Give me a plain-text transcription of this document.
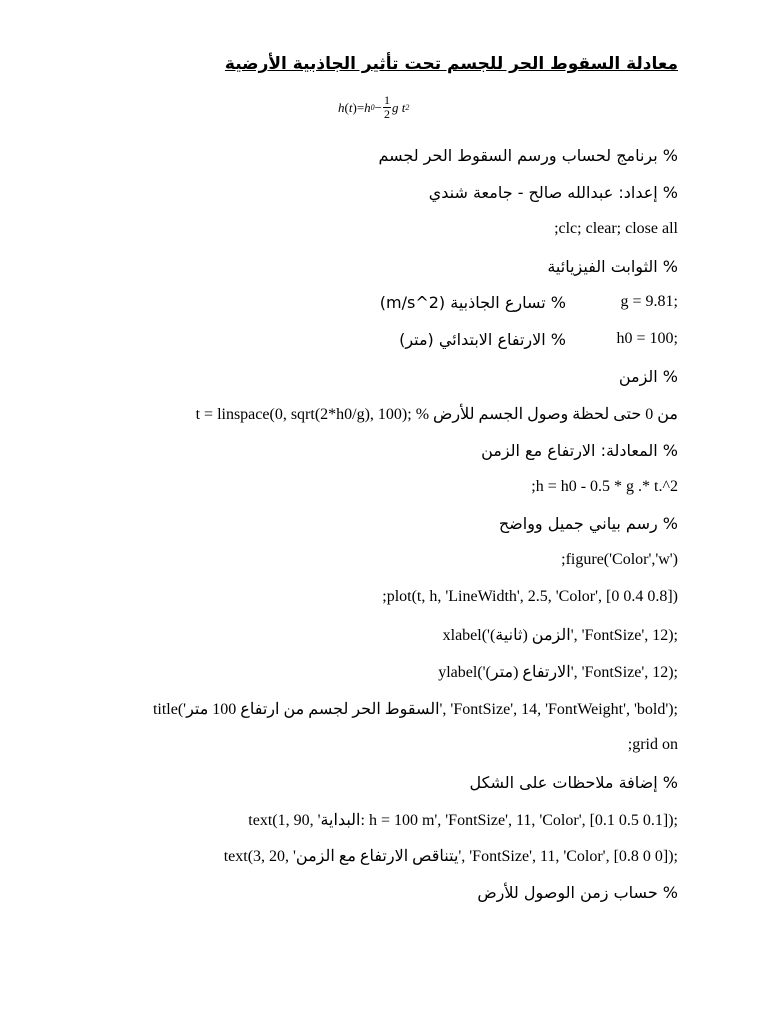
معادلة السقوط الحر للجسم تحت تأثير الجاذبية الأرضية
h ( t ) = h $0 - \frac{1}{2}$ g t 2
% برنامج لحساب ورسم السقوط الحر لجسم
% إعداد: عبدالله صالح - جامعة شندي
;clc; clear; close all
% الثوابت الفيزيائية
;g = 9.81
% تسارع الجاذبية (m/s^2)
;h0 = 100
% الارتفاع الابتدائي (متر)
% الزمن
t = linspace(0, sqrt(2*h0/g), 100); % من 0 حتى لحظة وصول الجسم للأرض
% المعادلة: الارتفاع مع الزمن
;h = h0 - 0.5 * g .* t.^2
% رسم بياني جميل وواضح
;figure('Color','w')
;plot(t, h, 'LineWidth', 2.5, 'Color', [0 0.4 0.8])
xlabel('الزمن (ثانية)', 'FontSize', 12);
ylabel('الارتفاع (متر)', 'FontSize', 12);
title('السقوط الحر لجسم من ارتفاع 100 متر', 'FontSize', 14, 'FontWeight', 'bold');
;grid on
% إضافة ملاحظات على الشكل
text(1, 90, 'البداية: h = 100 m', 'FontSize', 11, 'Color', [0.1 0.5 0.1]);
text(3, 20, 'يتناقص الارتفاع مع الزمن', 'FontSize', 11, 'Color', [0.8 0 0]);
% حساب زمن الوصول للأرض
